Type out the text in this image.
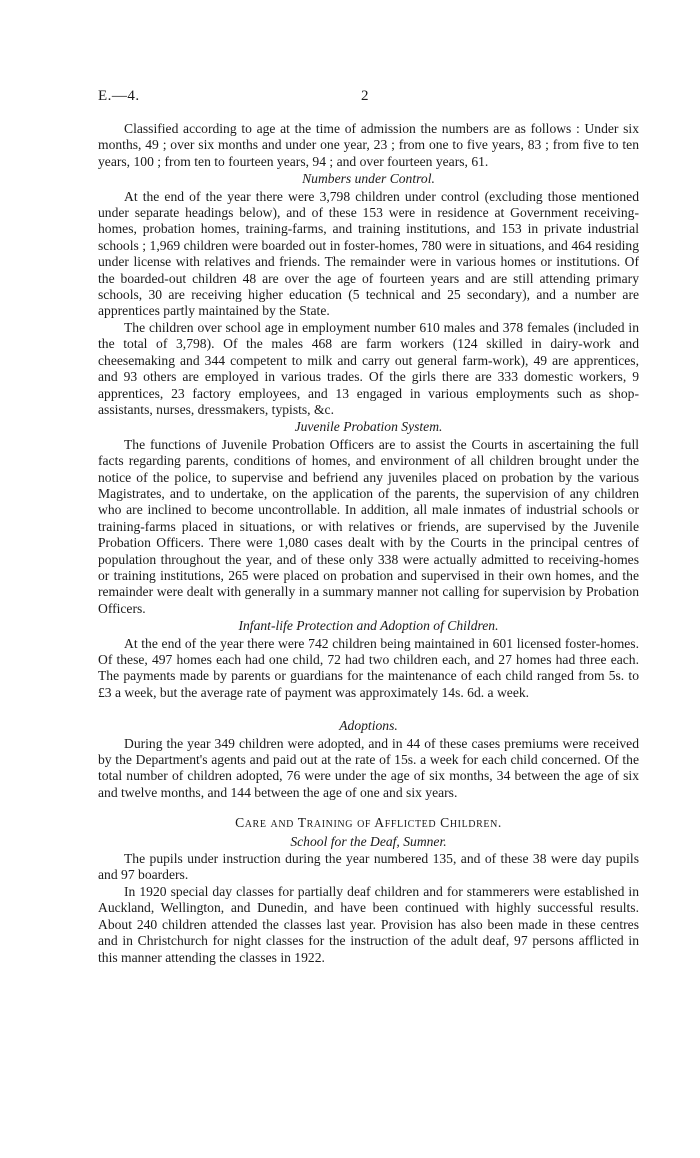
E.—4.	2

Classified according to age at the time of admission the numbers are as follows : Under six months, 49 ; over six months and under one year, 23 ; from one to five years, 83 ; from five to ten years, 100 ; from ten to fourteen years, 94 ; and over fourteen years, 61.

Numbers under Control.

At the end of the year there were 3,798 children under control (excluding those mentioned under separate headings below), and of these 153 were in residence at Government receiving-homes, probation homes, training-farms, and training institutions, and 153 in private industrial schools ; 1,969 children were boarded out in foster-homes, 780 were in situations, and 464 residing under license with relatives and friends. The remainder were in various homes or institutions. Of the boarded-out children 48 are over the age of fourteen years and are still attending primary schools, 30 are receiving higher education (5 technical and 25 secondary), and a number are apprentices partly maintained by the State.

The children over school age in employment number 610 males and 378 females (included in the total of 3,798). Of the males 468 are farm workers (124 skilled in dairy-work and cheesemaking and 344 competent to milk and carry out general farm-work), 49 are apprentices, and 93 others are employed in various trades. Of the girls there are 333 domestic workers, 9 apprentices, 23 factory employees, and 13 engaged in various employments such as shop-assistants, nurses, dressmakers, typists, &c.

Juvenile Probation System.

The functions of Juvenile Probation Officers are to assist the Courts in ascertaining the full facts regarding parents, conditions of homes, and environment of all children brought under the notice of the police, to supervise and befriend any juveniles placed on probation by the various Magistrates, and to undertake, on the application of the parents, the supervision of any children who are inclined to become uncontrollable. In addition, all male inmates of industrial schools or training-farms placed in situations, or with relatives or friends, are supervised by the Juvenile Probation Officers. There were 1,080 cases dealt with by the Courts in the principal centres of population throughout the year, and of these only 338 were actually admitted to receiving-homes or training institutions, 265 were placed on probation and supervised in their own homes, and the remainder were dealt with generally in a summary manner not calling for supervision by Probation Officers.

Infant-life Protection and Adoption of Children.

At the end of the year there were 742 children being maintained in 601 licensed foster-homes. Of these, 497 homes each had one child, 72 had two children each, and 27 homes had three each. The payments made by parents or guardians for the maintenance of each child ranged from 5s. to £3 a week, but the average rate of payment was approximately 14s. 6d. a week.

Adoptions.

During the year 349 children were adopted, and in 44 of these cases premiums were received by the Department's agents and paid out at the rate of 15s. a week for each child concerned. Of the total number of children adopted, 76 were under the age of six months, 34 between the age of six and twelve months, and 144 between the age of one and six years.

Care and Training of Afflicted Children.
School for the Deaf, Sumner.

The pupils under instruction during the year numbered 135, and of these 38 were day pupils and 97 boarders.

In 1920 special day classes for partially deaf children and for stammerers were established in Auckland, Wellington, and Dunedin, and have been continued with highly successful results. About 240 children attended the classes last year. Provision has also been made in these centres and in Christchurch for night classes for the instruction of the adult deaf, 97 persons afflicted in this manner attending the classes in 1922.
